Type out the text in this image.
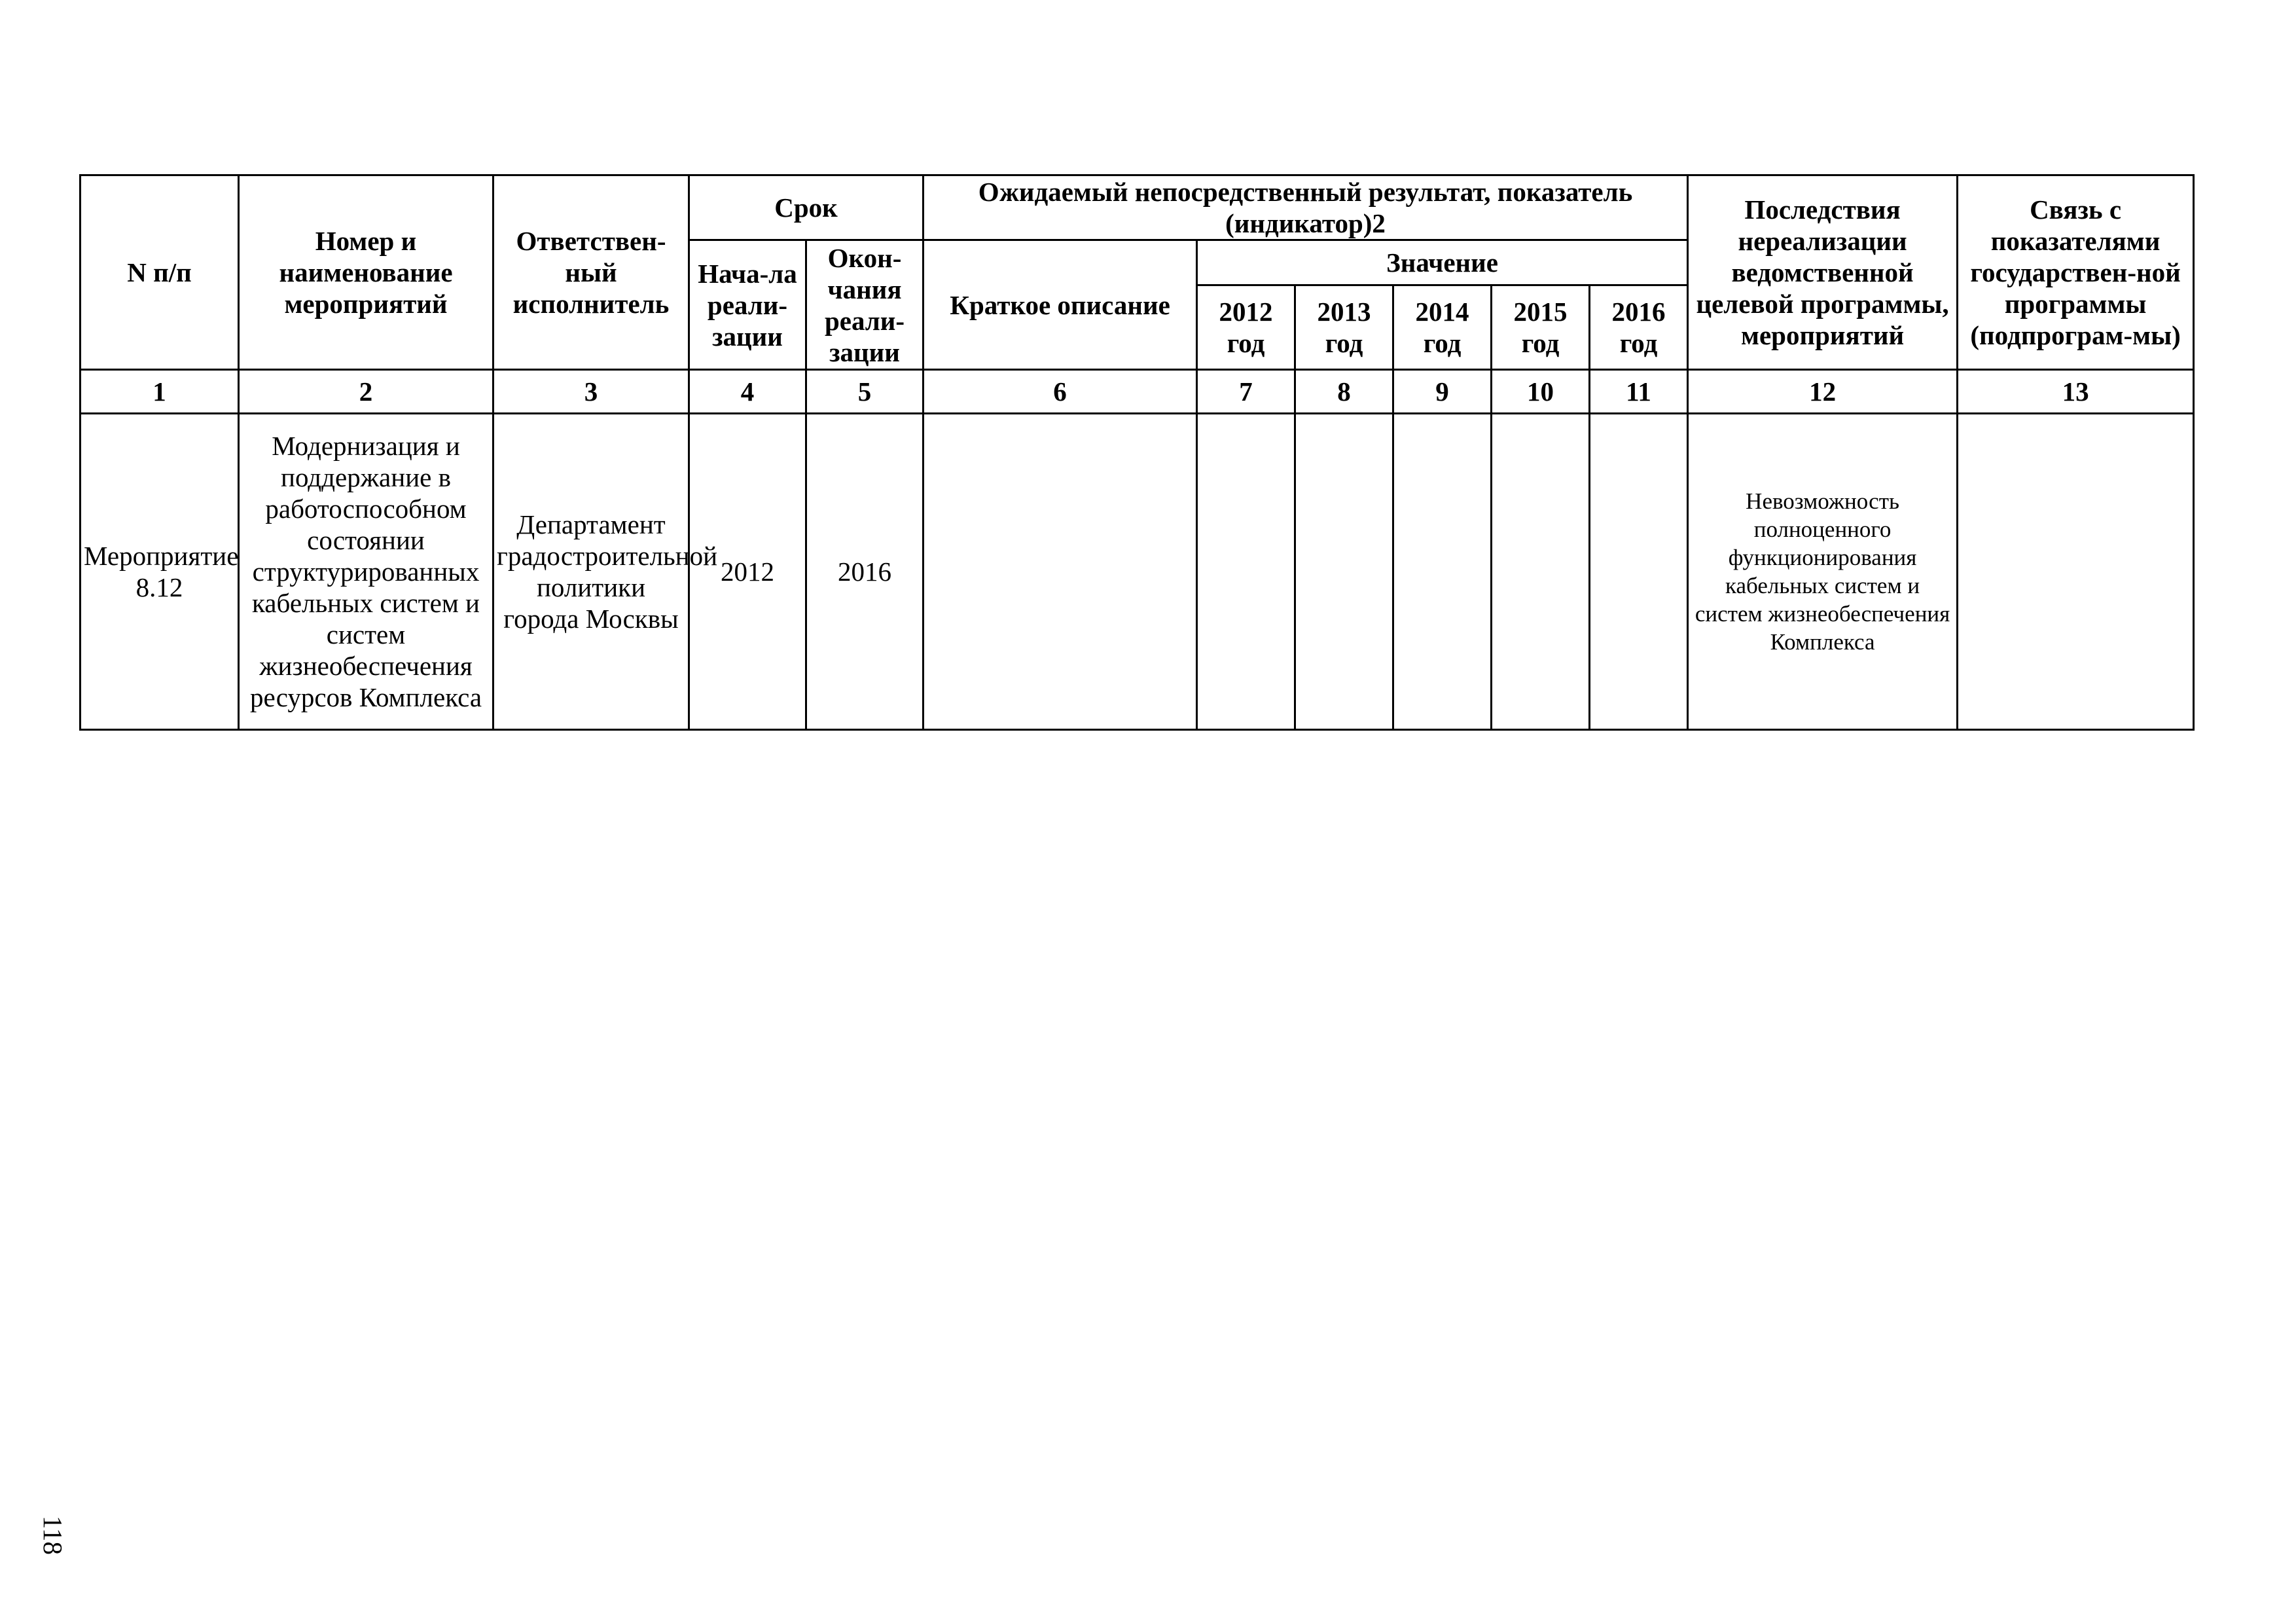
N п/п	Номер и наименование мероприятий	Ответствен-ный исполнитель	Срок		Ожидаемый непосредственный результат, показатель (индикатор)2						Последствия нереализации ведомственной целевой программы, мероприятий	Связь с показателями государствен-ной программы (подпрограм-мы)
			Нача-ла реали-зации	Окон-чания реали-зации	Краткое описание	Значение						
						2012 год	2013 год	2014 год	2015 год	2016 год		
1	2	3	4	5	6	7	8	9	10	11	12	13
Мероприятие 8.12	Модернизация и поддержание в работоспособном состоянии структурированных кабельных систем и систем жизнеобеспечения ресурсов Комплекса	Департамент градостроительной политики города Москвы	2012	2016							Невозможность полноценного функционирования кабельных систем и систем жизнеобеспечения Комплекса	
118
